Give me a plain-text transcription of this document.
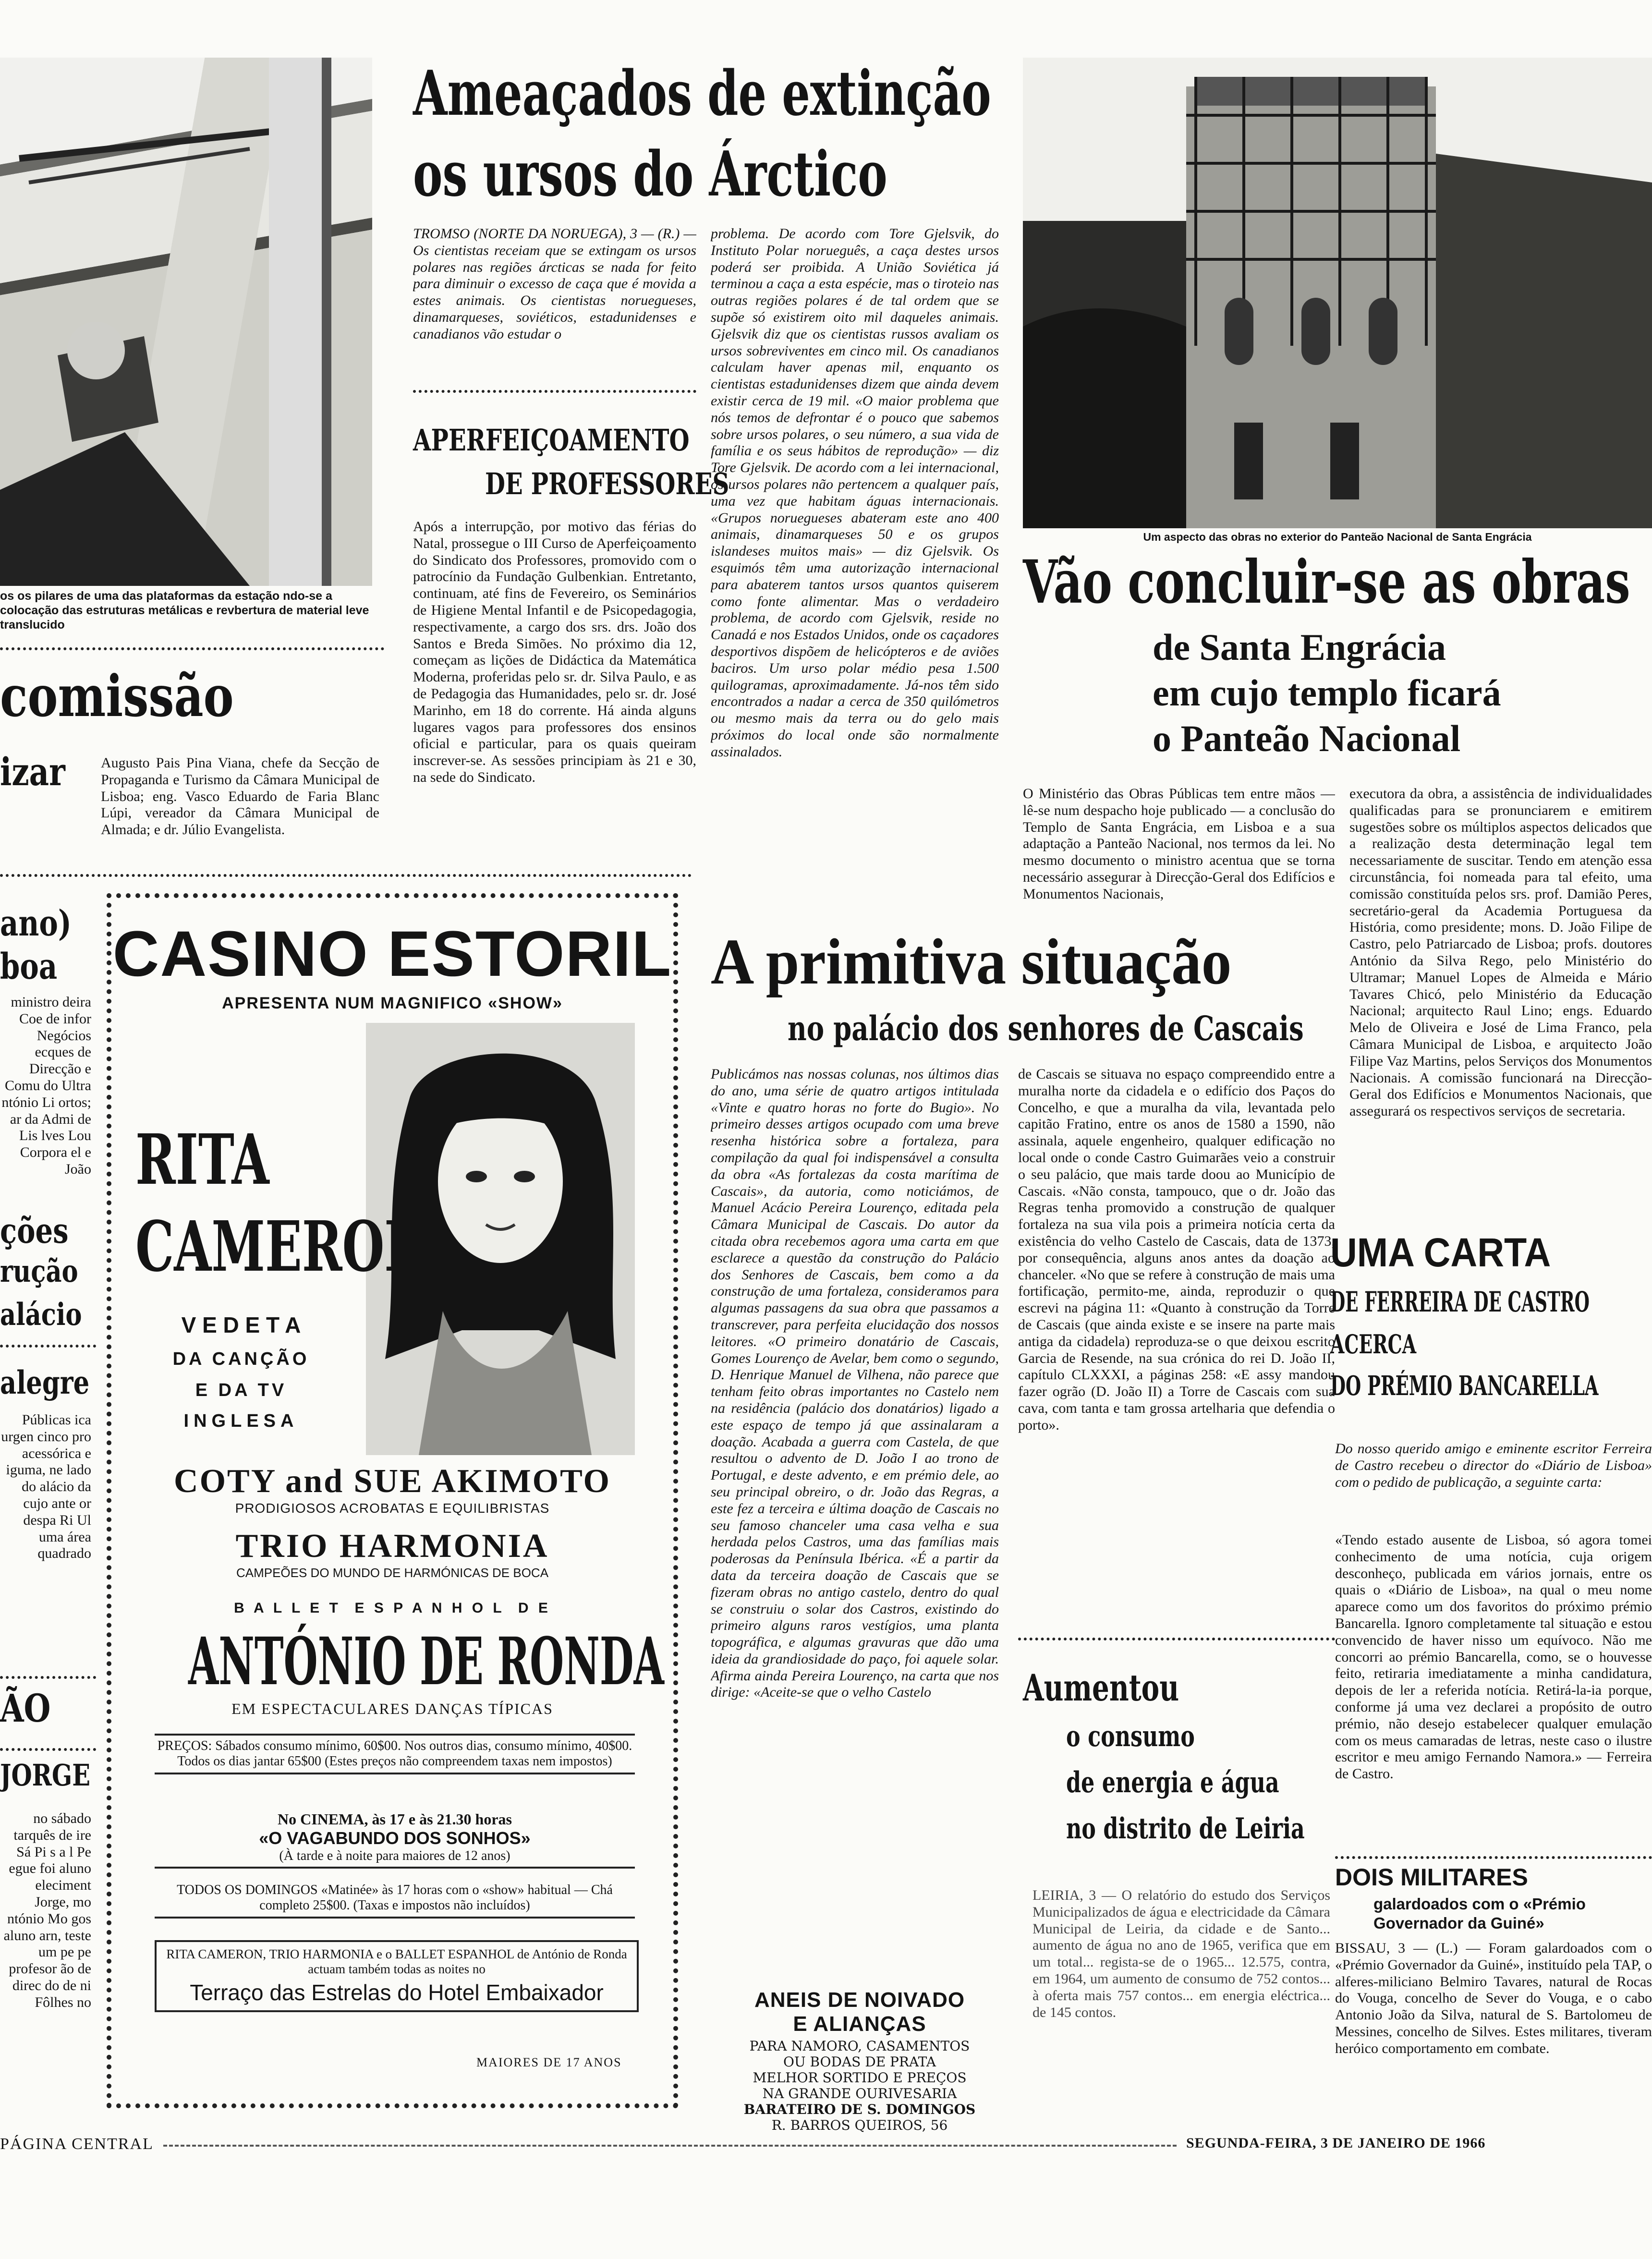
os os pilares de uma das plataformas da estação ndo-se a colocação das estruturas metálicas e revbertura de material leve translucido
comissão
izar Augusto Pais Pina Viana, chefe da Secção de Propaganda e Turismo da Câmara Municipal de Lisboa; eng. Vasco Eduardo de Faria Blanc Lúpi, vereador da Câmara Municipal de Almada; e dr. Júlio Evangelista.
ano)
boa
ministro deira Coe de infor Negócios ecques de Direcção e Comu do Ultra ntónio Li ortos; ar da Admi de Lis lves Lou Corpora el e João
ções
rução
alácio
alegre
Públicas ica urgen cinco pro acessórica e iguma, ne lado do alácio da cujo ante or despa Ri Ul uma área quadrado
ÃO
JORGE
no sábado tarquês de ire Sá Pi s a l Pe egue foi aluno eleciment Jorge, mo ntónio Mo gos aluno arn, teste um pe pe profesor ão de direc do de ni Fôlhes no
Ameaçados de extinção
os ursos do Árctico
TROMSO (NORTE DA NORUEGA), 3 — (R.) — Os cientistas receiam que se extingam os ursos polares nas regiões árcticas se nada for feito para diminuir o excesso de caça que é movida a estes animais. Os cientistas noruegueses, dinamarqueses, soviéticos, estadunidenses e canadianos vão estudar o
problema. De acordo com Tore Gjelsvik, do Instituto Polar norueguês, a caça destes ursos poderá ser proibida. A União Soviética já terminou a caça a esta espécie, mas o tiroteio nas outras regiões polares é de tal ordem que se supõe só existirem oito mil daqueles animais. Gjelsvik diz que os cientistas russos avaliam os ursos sobreviventes em cinco mil. Os canadianos calculam haver apenas mil, enquanto os cientistas estadunidenses dizem que ainda devem existir cerca de 19 mil. «O maior problema que nós temos de defrontar é o pouco que sabemos sobre ursos polares, o seu número, a sua vida de família e os seus hábitos de reprodução» — diz Tore Gjelsvik. De acordo com a lei internacional, os ursos polares não pertencem a qualquer país, uma vez que habitam águas internacionais. «Grupos noruegueses abateram este ano 400 animais, dinamarqueses 50 e os grupos islandeses muitos mais» — diz Gjelsvik. Os esquimós têm uma autorização internacional para abaterem tantos ursos quantos quiserem como fonte alimentar. Mas o verdadeiro problema, de acordo com Gjelsvik, reside no Canadá e nos Estados Unidos, onde os caçadores desportivos dispõem de helicópteros e de aviões baciros. Um urso polar médio pesa 1.500 quilogramas, aproximadamente. Já-nos têm sido encontrados a nadar a cerca de 350 quilómetros ou mesmo mais da terra ou do gelo mais próximos do local onde são normalmente assinalados.
APERFEIÇOAMENTO
DE PROFESSORES
Após a interrupção, por motivo das férias do Natal, prossegue o III Curso de Aperfeiçoamento do Sindicato dos Professores, promovido com o patrocínio da Fundação Gulbenkian. Entretanto, continuam, até fins de Fevereiro, os Seminários de Higiene Mental Infantil e de Psicopedagogia, respectivamente, a cargo dos srs. drs. João dos Santos e Breda Simões. No próximo dia 12, começam as lições de Didáctica da Matemática Moderna, proferidas pelo sr. dr. Silva Paulo, e as de Pedagogia das Humanidades, pelo sr. dr. José Marinho, em 18 do corrente. Há ainda alguns lugares vagos para professores dos ensinos oficial e particular, para os quais queiram inscrever-se. As sessões principiam às 21 e 30, na sede do Sindicato.
Um aspecto das obras no exterior do Panteão Nacional de Santa Engrácia
Vão concluir-se as obras
de Santa Engrácia
em cujo templo ficará
o Panteão Nacional
O Ministério das Obras Públicas tem entre mãos — lê-se num despacho hoje publicado — a conclusão do Templo de Santa Engrácia, em Lisboa e a sua adaptação a Panteão Nacional, nos termos da lei. No mesmo documento o ministro acentua que se torna necessário assegurar à Direcção-Geral dos Edifícios e Monumentos Nacionais,
executora da obra, a assistência de individualidades qualificadas para se pronunciarem e emitirem sugestões sobre os múltiplos aspectos delicados que a realização desta determinação legal tem necessariamente de suscitar. Tendo em atenção essa circunstância, foi nomeada para tal efeito, uma comissão constituída pelos srs. prof. Damião Peres, secretário-geral da Academia Portuguesa da História, como presidente; mons. D. João Filipe de Castro, pelo Patriarcado de Lisboa; profs. doutores António da Silva Rego, pelo Ministério do Ultramar; Manuel Lopes de Almeida e Mário Tavares Chicó, pelo Ministério da Educação Nacional; arquitecto Raul Lino; engs. Eduardo Melo de Oliveira e José de Lima Franco, pela Câmara Municipal de Lisboa, e arquitecto João Filipe Vaz Martins, pelos Serviços dos Monumentos Nacionais. A comissão funcionará na Direcção-Geral dos Edifícios e Monumentos Nacionais, que assegurará os respectivos serviços de secretaria.
A primitiva situação
no palácio dos senhores de Cascais
Publicámos nas nossas colunas, nos últimos dias do ano, uma série de quatro artigos intitulada «Vinte e quatro horas no forte do Bugio». No primeiro desses artigos ocupado com uma breve resenha histórica sobre a fortaleza, para compilação da qual foi indispensável a consulta da obra «As fortalezas da costa marítima de Cascais», da autoria, como noticiámos, de Manuel Acácio Pereira Lourenço, editada pela Câmara Municipal de Cascais. Do autor da citada obra recebemos agora uma carta em que esclarece a questão da construção do Palácio dos Senhores de Cascais, bem como a da construção de uma fortaleza, consideramos para algumas passagens da sua obra que passamos a transcrever, para perfeita elucidação dos nossos leitores. «O primeiro donatário de Cascais, Gomes Lourenço de Avelar, bem como o segundo, D. Henrique Manuel de Vilhena, não parece que tenham feito obras importantes no Castelo nem na residência (palácio dos donatários) ligado a este espaço de tempo já que assinalaram a doação. Acabada a guerra com Castela, de que resultou o advento de D. João I ao trono de Portugal, e deste advento, e em prémio dele, ao seu principal obreiro, o dr. João das Regras, a este fez a terceira e última doação de Cascais no seu famoso chanceler uma casa velha e sua herdada pelos Castros, uma das famílias mais poderosas da Península Ibérica. «É a partir da data da terceira doação de Cascais que se fizeram obras no antigo castelo, dentro do qual se construiu o solar dos Castros, existindo do primeiro alguns raros vestígios, uma planta topográfica, e algumas gravuras que dão uma ideia da grandiosidade do paço, foi aquele solar. Afirma ainda Pereira Lourenço, na carta que nos dirige: «Aceite-se que o velho Castelo
de Cascais se situava no espaço compreendido entre a muralha norte da cidadela e o edifício dos Paços do Concelho, e que a muralha da vila, levantada pelo capitão Fratino, entre os anos de 1580 a 1590, não assinala, aquele engenheiro, qualquer edificação no local onde o conde Castro Guimarães veio a construir o seu palácio, que mais tarde doou ao Município de Cascais. «Não consta, tampouco, que o dr. João das Regras tenha promovido a construção de qualquer fortaleza na sua vila pois a primeira notícia certa da existência do velho Castelo de Cascais, data de 1373, por consequência, alguns anos antes da doação ao chanceler. «No que se refere à construção de mais uma fortificação, permito-me, ainda, reproduzir o que escrevi na página 11: «Quanto à construção da Torre de Cascais (que ainda existe e se insere na parte mais antiga da cidadela) reproduza-se o que deixou escrito Garcia de Resende, na sua crónica do rei D. João II, capítulo CLXXXI, a páginas 258: «E assy mandou fazer ogrão (D. João II) a Torre de Cascais com sua cava, com tanta e tam grossa artelharia que defendia o porto».
UMA CARTA
DE FERREIRA DE CASTRO
ACERCA
DO PRÉMIO BANCARELLA
Do nosso querido amigo e eminente escritor Ferreira de Castro recebeu o director do «Diário de Lisboa» com o pedido de publicação, a seguinte carta:
«Tendo estado ausente de Lisboa, só agora tomei conhecimento de uma notícia, cuja origem desconheço, publicada em vários jornais, entre os quais o «Diário de Lisboa», na qual o meu nome aparece como um dos favoritos do próximo prémio Bancarella. Ignoro completamente tal situação e estou convencido de haver nisso um equívoco. Não me concorri ao prémio Bancarella, como, se o houvesse feito, retiraria imediatamente a minha candidatura, depois de ler a referida notícia. Retirá-la-ia porque, conforme já uma vez declarei a propósito de outro prémio, não desejo estabelecer qualquer emulação com os meus camaradas de letras, neste caso o ilustre escritor e meu amigo Fernando Namora.» — Ferreira de Castro.
DOIS MILITARES
galardoados com o «Prémio Governador da Guiné»
BISSAU, 3 — (L.) — Foram galardoados com o «Prémio Governador da Guiné», instituído pela TAP, o alferes-miliciano Belmiro Tavares, natural de Rocas do Vouga, concelho de Sever do Vouga, e o cabo Antonio João da Silva, natural de S. Bartolomeu de Messines, concelho de Silves. Estes militares, tiveram heróico comportamento em combate.
Aumentou
o consumo
de energia e água
no distrito de Leiria
LEIRIA, 3 — O relatório do estudo dos Serviços Municipalizados de água e electricidade da Câmara Municipal de Leiria, da cidade e de Santo... aumento de água no ano de 1965, verifica que em um total... regista-se de o 1965... 12.575, contra, em 1964, um aumento de consumo de 752 contos... à oferta mais 757 contos... em energia eléctrica... de 145 contos.
ANEIS DE NOIVADO
E ALIANÇAS
PARA NAMORO, CASAMENTOS
OU BODAS DE PRATA
MELHOR SORTIDO E PREÇOS
NA GRANDE OURIVESARIA
BARATEIRO DE S. DOMINGOS
R. BARROS QUEIROS, 56
CASINO ESTORIL
APRESENTA NUM MAGNIFICO «SHOW»
RITA
CAMERON
V E D E T A
DA CANÇÃO
E DA TV
INGLESA
COTY and SUE AKIMOTO
PRODIGIOSOS ACROBATAS E EQUILIBRISTAS
TRIO HARMONIA
CAMPEÕES DO MUNDO DE HARMÓNICAS DE BOCA
B A L L E T  E S P A N H O L  D E
ANTÓNIO DE RONDA
EM ESPECTACULARES DANÇAS TÍPICAS
PREÇOS: Sábados consumo mínimo, 60$00. Nos outros dias, consumo mínimo, 40$00. Todos os dias jantar 65$00 (Estes preços não compreendem taxas nem impostos)
No CINEMA, às 17 e às 21.30 horas
«O VAGABUNDO DOS SONHOS»
(À tarde e à noite para maiores de 12 anos)
TODOS OS DOMINGOS «Matinée» às 17 horas com o «show» habitual — Chá completo 25$00. (Taxas e impostos não incluídos)
RITA CAMERON, TRIO HARMONIA e o BALLET ESPANHOL de António de Ronda actuam também todas as noites no
Terraço das Estrelas do Hotel Embaixador
MAIORES DE 17 ANOS
PÁGINA CENTRAL	SEGUNDA-FEIRA, 3 DE JANEIRO DE 1966
